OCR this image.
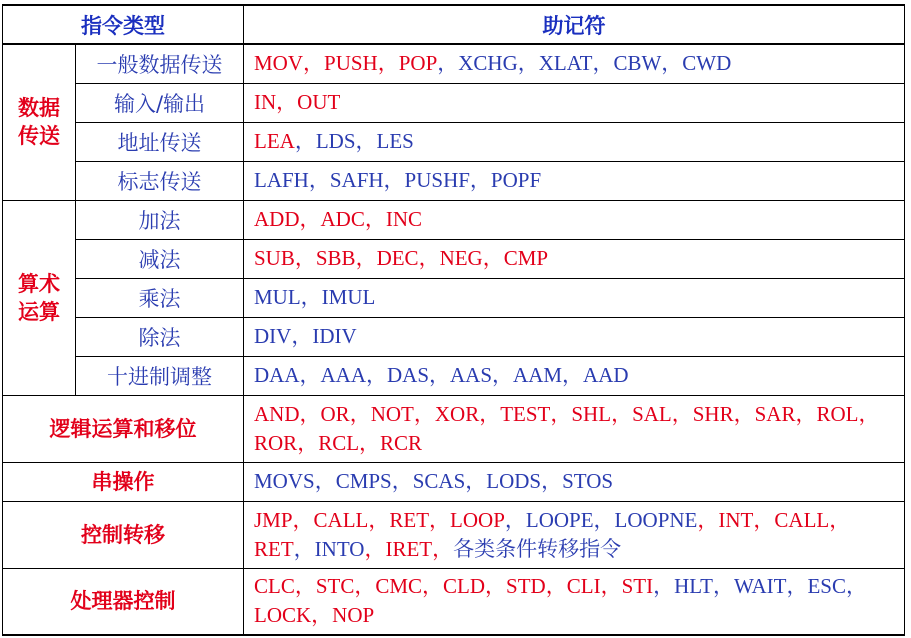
指令类型		助记符
数据传送	一般数据传送	MOV，PUSH，POP，XCHG，XLAT，CBW，CWD
	输入/输出	IN，OUT
	地址传送	LEA，LDS，LES
	标志传送	LAFH，SAFH，PUSHF，POPF
算术运算	加法	ADD，ADC，INC
	减法	SUB，SBB，DEC，NEG，CMP
	乘法	MUL，IMUL
	除法	DIV，IDIV
	十进制调整	DAA，AAA，DAS，AAS，AAM，AAD
逻辑运算和移位		AND，OR，NOT，XOR，TEST，SHL，SAL，SHR，SAR，ROL，ROR，RCL，RCR
串操作		MOVS，CMPS，SCAS，LODS，STOS
控制转移		JMP，CALL，RET，LOOP，LOOPE，LOOPNE，INT，CALL，RET，INTO，IRET，各类条件转移指令
处理器控制		CLC，STC，CMC，CLD，STD，CLI，STI，HLT，WAIT，ESC，LOCK，NOP
